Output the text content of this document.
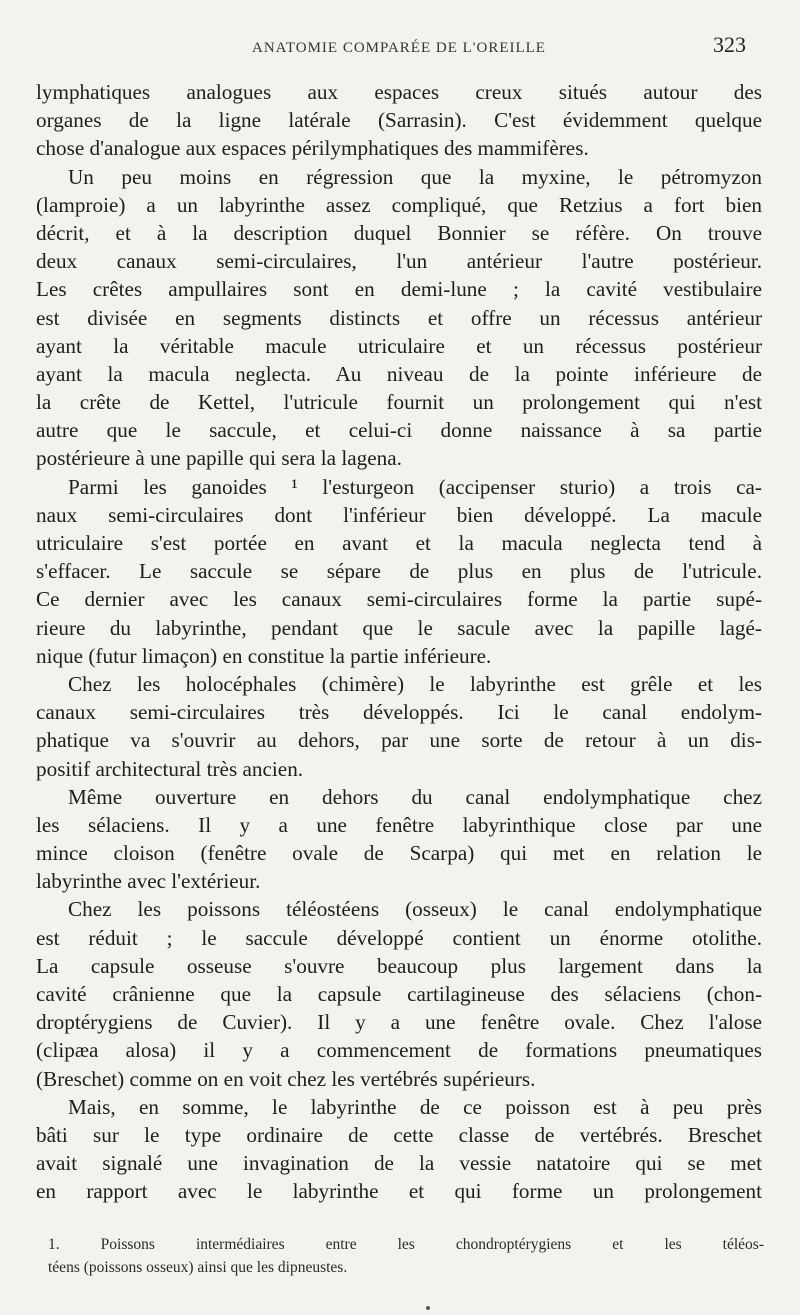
ANATOMIE COMPARÉE DE L'OREILLE	323
lymphatiques analogues aux espaces creux situés autour des
organes de la ligne latérale (Sarrasin). C'est évidemment quelque
chose d'analogue aux espaces périlymphatiques des mammifères.
Un peu moins en régression que la myxine, le pétromyzon
(lamproie) a un labyrinthe assez compliqué, que Retzius a fort bien
décrit, et à la description duquel Bonnier se réfère. On trouve
deux canaux semi-circulaires, l'un antérieur l'autre postérieur.
Les crêtes ampullaires sont en demi-lune ; la cavité vestibulaire
est divisée en segments distincts et offre un récessus antérieur
ayant la véritable macule utriculaire et un récessus postérieur
ayant la macula neglecta. Au niveau de la pointe inférieure de
la crête de Kettel, l'utricule fournit un prolongement qui n'est
autre que le saccule, et celui-ci donne naissance à sa partie
postérieure à une papille qui sera la lagena.
Parmi les ganoides ¹ l'esturgeon (accipenser sturio) a trois ca-
naux semi-circulaires dont l'inférieur bien développé. La macule
utriculaire s'est portée en avant et la macula neglecta tend à
s'effacer. Le saccule se sépare de plus en plus de l'utricule.
Ce dernier avec les canaux semi-circulaires forme la partie supé-
rieure du labyrinthe, pendant que le sacule avec la papille lagé-
nique (futur limaçon) en constitue la partie inférieure.
Chez les holocéphales (chimère) le labyrinthe est grêle et les
canaux semi-circulaires très développés. Ici le canal endolym-
phatique va s'ouvrir au dehors, par une sorte de retour à un dis-
positif architectural très ancien.
Même ouverture en dehors du canal endolymphatique chez
les sélaciens. Il y a une fenêtre labyrinthique close par une
mince cloison (fenêtre ovale de Scarpa) qui met en relation le
labyrinthe avec l'extérieur.
Chez les poissons téléostéens (osseux) le canal endolymphatique
est réduit ; le saccule développé contient un énorme otolithe.
La capsule osseuse s'ouvre beaucoup plus largement dans la
cavité crânienne que la capsule cartilagineuse des sélaciens (chon-
droptérygiens de Cuvier). Il y a une fenêtre ovale. Chez l'alose
(clipæa alosa) il y a commencement de formations pneumatiques
(Breschet) comme on en voit chez les vertébrés supérieurs.
Mais, en somme, le labyrinthe de ce poisson est à peu près
bâti sur le type ordinaire de cette classe de vertébrés. Breschet
avait signalé une invagination de la vessie natatoire qui se met
en rapport avec le labyrinthe et qui forme un prolongement
1. Poissons intermédiaires entre les chondroptérygiens et les téléos-
téens (poissons osseux) ainsi que les dipneustes.
